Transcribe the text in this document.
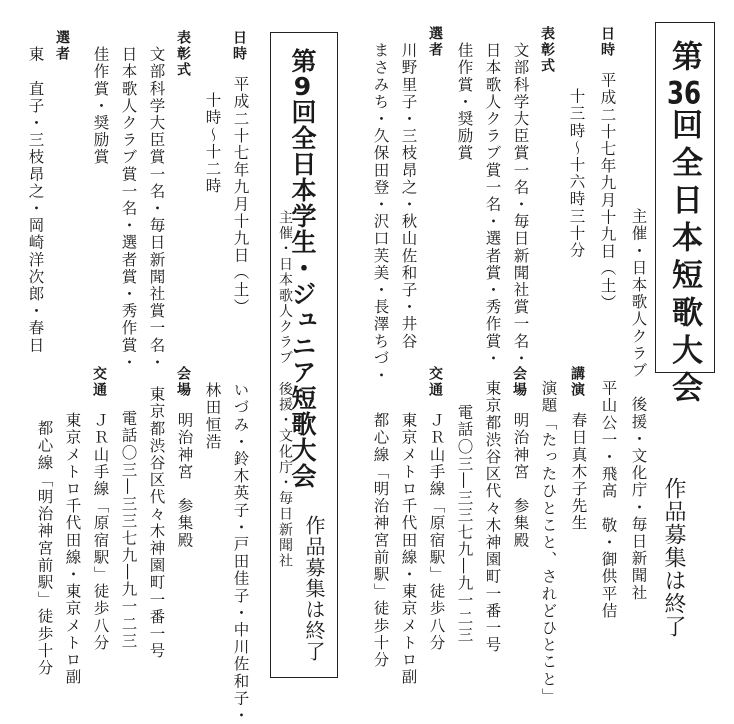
第36回全日本短歌大会
主催・日本歌人クラブ　後援・文化庁・毎日新聞社 作品募集は終了
日時
平成二十七年九月十九日（土）
十三時〜十六時三十分
表彰式
文部科学大臣賞一名・毎日新聞社賞一名・
日本歌人クラブ賞一名・選者賞・秀作賞・
佳作賞・奨励賞
選者
川野里子・三枝昂之・秋山佐和子・井谷
まさみち・久保田登・沢口芙美・長澤ちづ・
平山公一・飛高　敬・御供平佶
講演
春日真木子先生
演題「たったひとこと、されどひとこと」
会場
明治神宮　参集殿
東京都渋谷区代々木神園町一番一号
電話〇三―三三七九―九一二三
交通
ＪＲ山手線「原宿駅」徒歩八分
東京メトロ千代田線・東京メトロ副
都心線「明治神宮前駅」徒歩十分
第9回全日本学生・ジュニア短歌大会
作品募集は終了
主催・日本歌人クラブ　後援・文化庁・毎日新聞社
日時
平成二十七年九月十九日（土）
十時〜十二時
表彰式
文部科学大臣賞一名・毎日新聞社賞一名・
日本歌人クラブ賞一名・選者賞・秀作賞・
佳作賞・奨励賞
選者
東　直子・三枝昂之・岡崎洋次郎・春日
いづみ・鈴木英子・戸田佳子・中川佐和子・
林田恒浩
会場
明治神宮　参集殿
東京都渋谷区代々木神園町一番一号
電話〇三―三三七九―九一二三
交通
ＪＲ山手線「原宿駅」徒歩八分
東京メトロ千代田線・東京メトロ副
都心線「明治神宮前駅」徒歩十分
